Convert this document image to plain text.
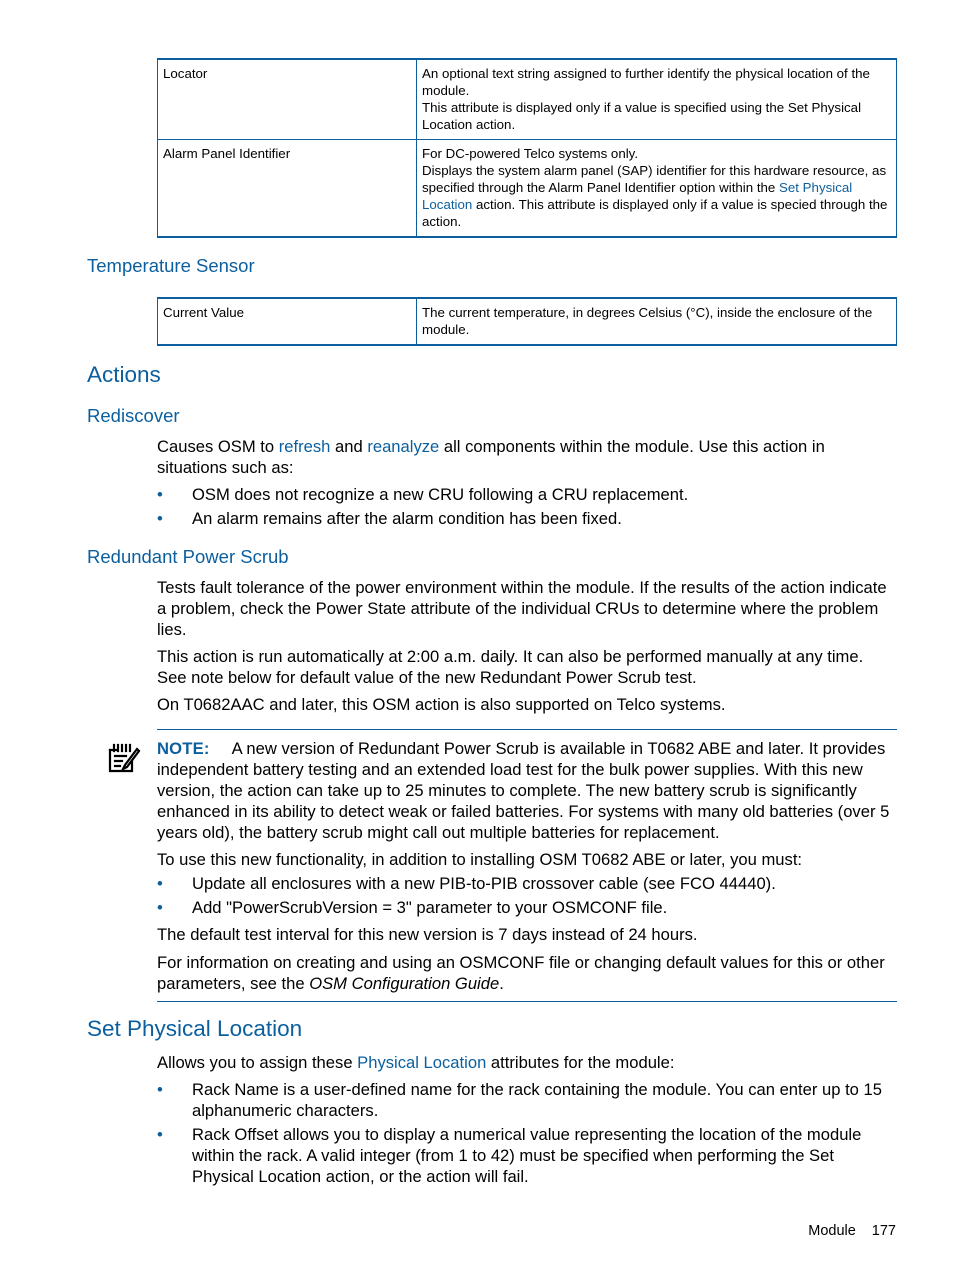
Locator	An optional text string assigned to further identify the physical location of the module.
This attribute is displayed only if a value is specified using the Set Physical Location action.

Alarm Panel Identifier	For DC-powered Telco systems only.
Displays the system alarm panel (SAP) identifier for this hardware resource, as specified through the Alarm Panel Identifier option within the Set Physical Location action. This attribute is displayed only if a value is specied through the action.
Temperature Sensor
Current Value	The current temperature, in degrees Celsius (°C), inside the enclosure of the module.
Actions
Rediscover
Causes OSM to refresh and reanalyze all components within the module. Use this action in situations such as:
• OSM does not recognize a new CRU following a CRU replacement.
• An alarm remains after the alarm condition has been fixed.
Redundant Power Scrub
Tests fault tolerance of the power environment within the module. If the results of the action indicate a problem, check the Power State attribute of the individual CRUs to determine where the problem lies.
This action is run automatically at 2:00 a.m. daily. It can also be performed manually at any time. See note below for default value of the new Redundant Power Scrub test.
On T0682AAC and later, this OSM action is also supported on Telco systems.
NOTE: A new version of Redundant Power Scrub is available in T0682 ABE and later. It provides independent battery testing and an extended load test for the bulk power supplies. With this new version, the action can take up to 25 minutes to complete. The new battery scrub is significantly enhanced in its ability to detect weak or failed batteries. For systems with many old batteries (over 5 years old), the battery scrub might call out multiple batteries for replacement.
To use this new functionality, in addition to installing OSM T0682 ABE or later, you must:
• Update all enclosures with a new PIB-to-PIB crossover cable (see FCO 44440).
• Add "PowerScrubVersion = 3" parameter to your OSMCONF file.
The default test interval for this new version is 7 days instead of 24 hours.
For information on creating and using an OSMCONF file or changing default values for this or other parameters, see the OSM Configuration Guide.
Set Physical Location
Allows you to assign these Physical Location attributes for the module:
• Rack Name is a user-defined name for the rack containing the module. You can enter up to 15 alphanumeric characters.
• Rack Offset allows you to display a numerical value representing the location of the module within the rack. A valid integer (from 1 to 42) must be specified when performing the Set Physical Location action, or the action will fail.
Module 177
